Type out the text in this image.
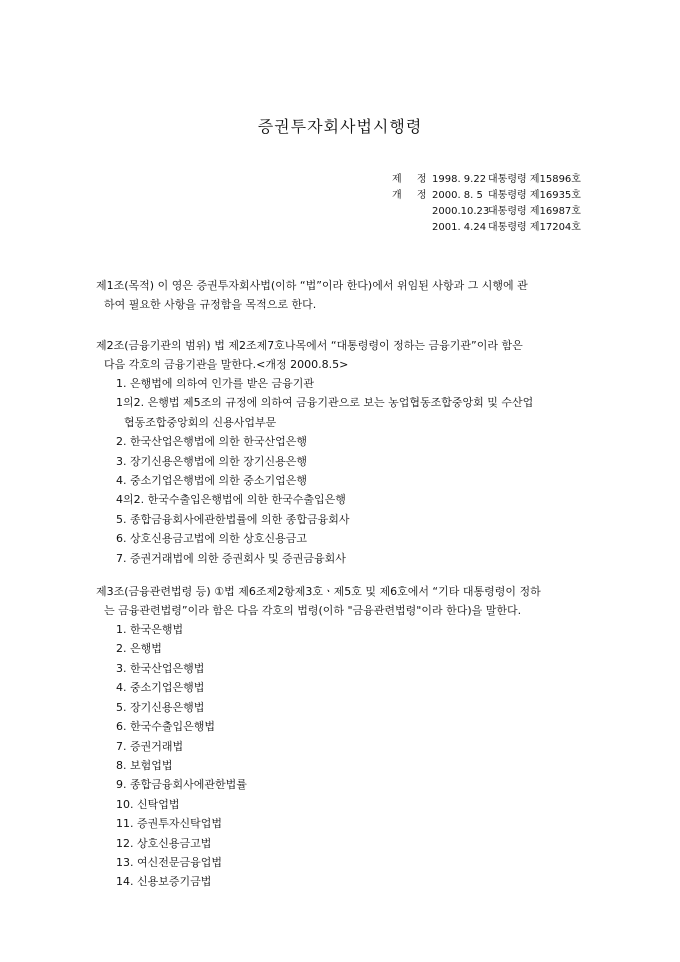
증권투자회사법시행령
제 정 1998. 9.22 대통령령 제15896호
개 정 2000. 8. 5 대통령령 제16935호
2000.10.23
대통령령 제16987호
2001. 4.24 대통령령 제17204호
제1조(목적) 이 영은 증권투자회사법(이하 “법”이라 한다)에서 위임된 사항과 그 시행에 관
하여 필요한 사항을 규정함을 목적으로 한다.
제2조(금융기관의 범위) 법 제2조제7호나목에서 “대통령령이 정하는 금융기관”이라 함은
다음 각호의 금융기관을 말한다.<개정 2000.8.5>
1. 은행법에 의하여 인가를 받은 금융기관
1의2. 은행법 제5조의 규정에 의하여 금융기관으로 보는 농업협동조합중앙회 및 수산업
협동조합중앙회의 신용사업부문
2. 한국산업은행법에 의한 한국산업은행
3. 장기신용은행법에 의한 장기신용은행
4. 중소기업은행법에 의한 중소기업은행
4의2. 한국수출입은행법에 의한 한국수출입은행
5. 종합금융회사에관한법률에 의한 종합금융회사
6. 상호신용금고법에 의한 상호신용금고
7. 증권거래법에 의한 증권회사 및 증권금융회사
제3조(금융관련법령 등) ①법 제6조제2항제3호ㆍ제5호 및 제6호에서 “기타 대통령령이 정하
는 금융관련법령”이라 함은 다음 각호의 법령(이하 "금융관련법령"이라 한다)을 말한다.
1. 한국은행법
2. 은행법
3. 한국산업은행법
4. 중소기업은행법
5. 장기신용은행법
6. 한국수출입은행법
7. 증권거래법
8. 보험업법
9. 종합금융회사에관한법률
10. 신탁업법
11. 증권투자신탁업법
12. 상호신용금고법
13. 여신전문금융업법
14. 신용보증기금법
